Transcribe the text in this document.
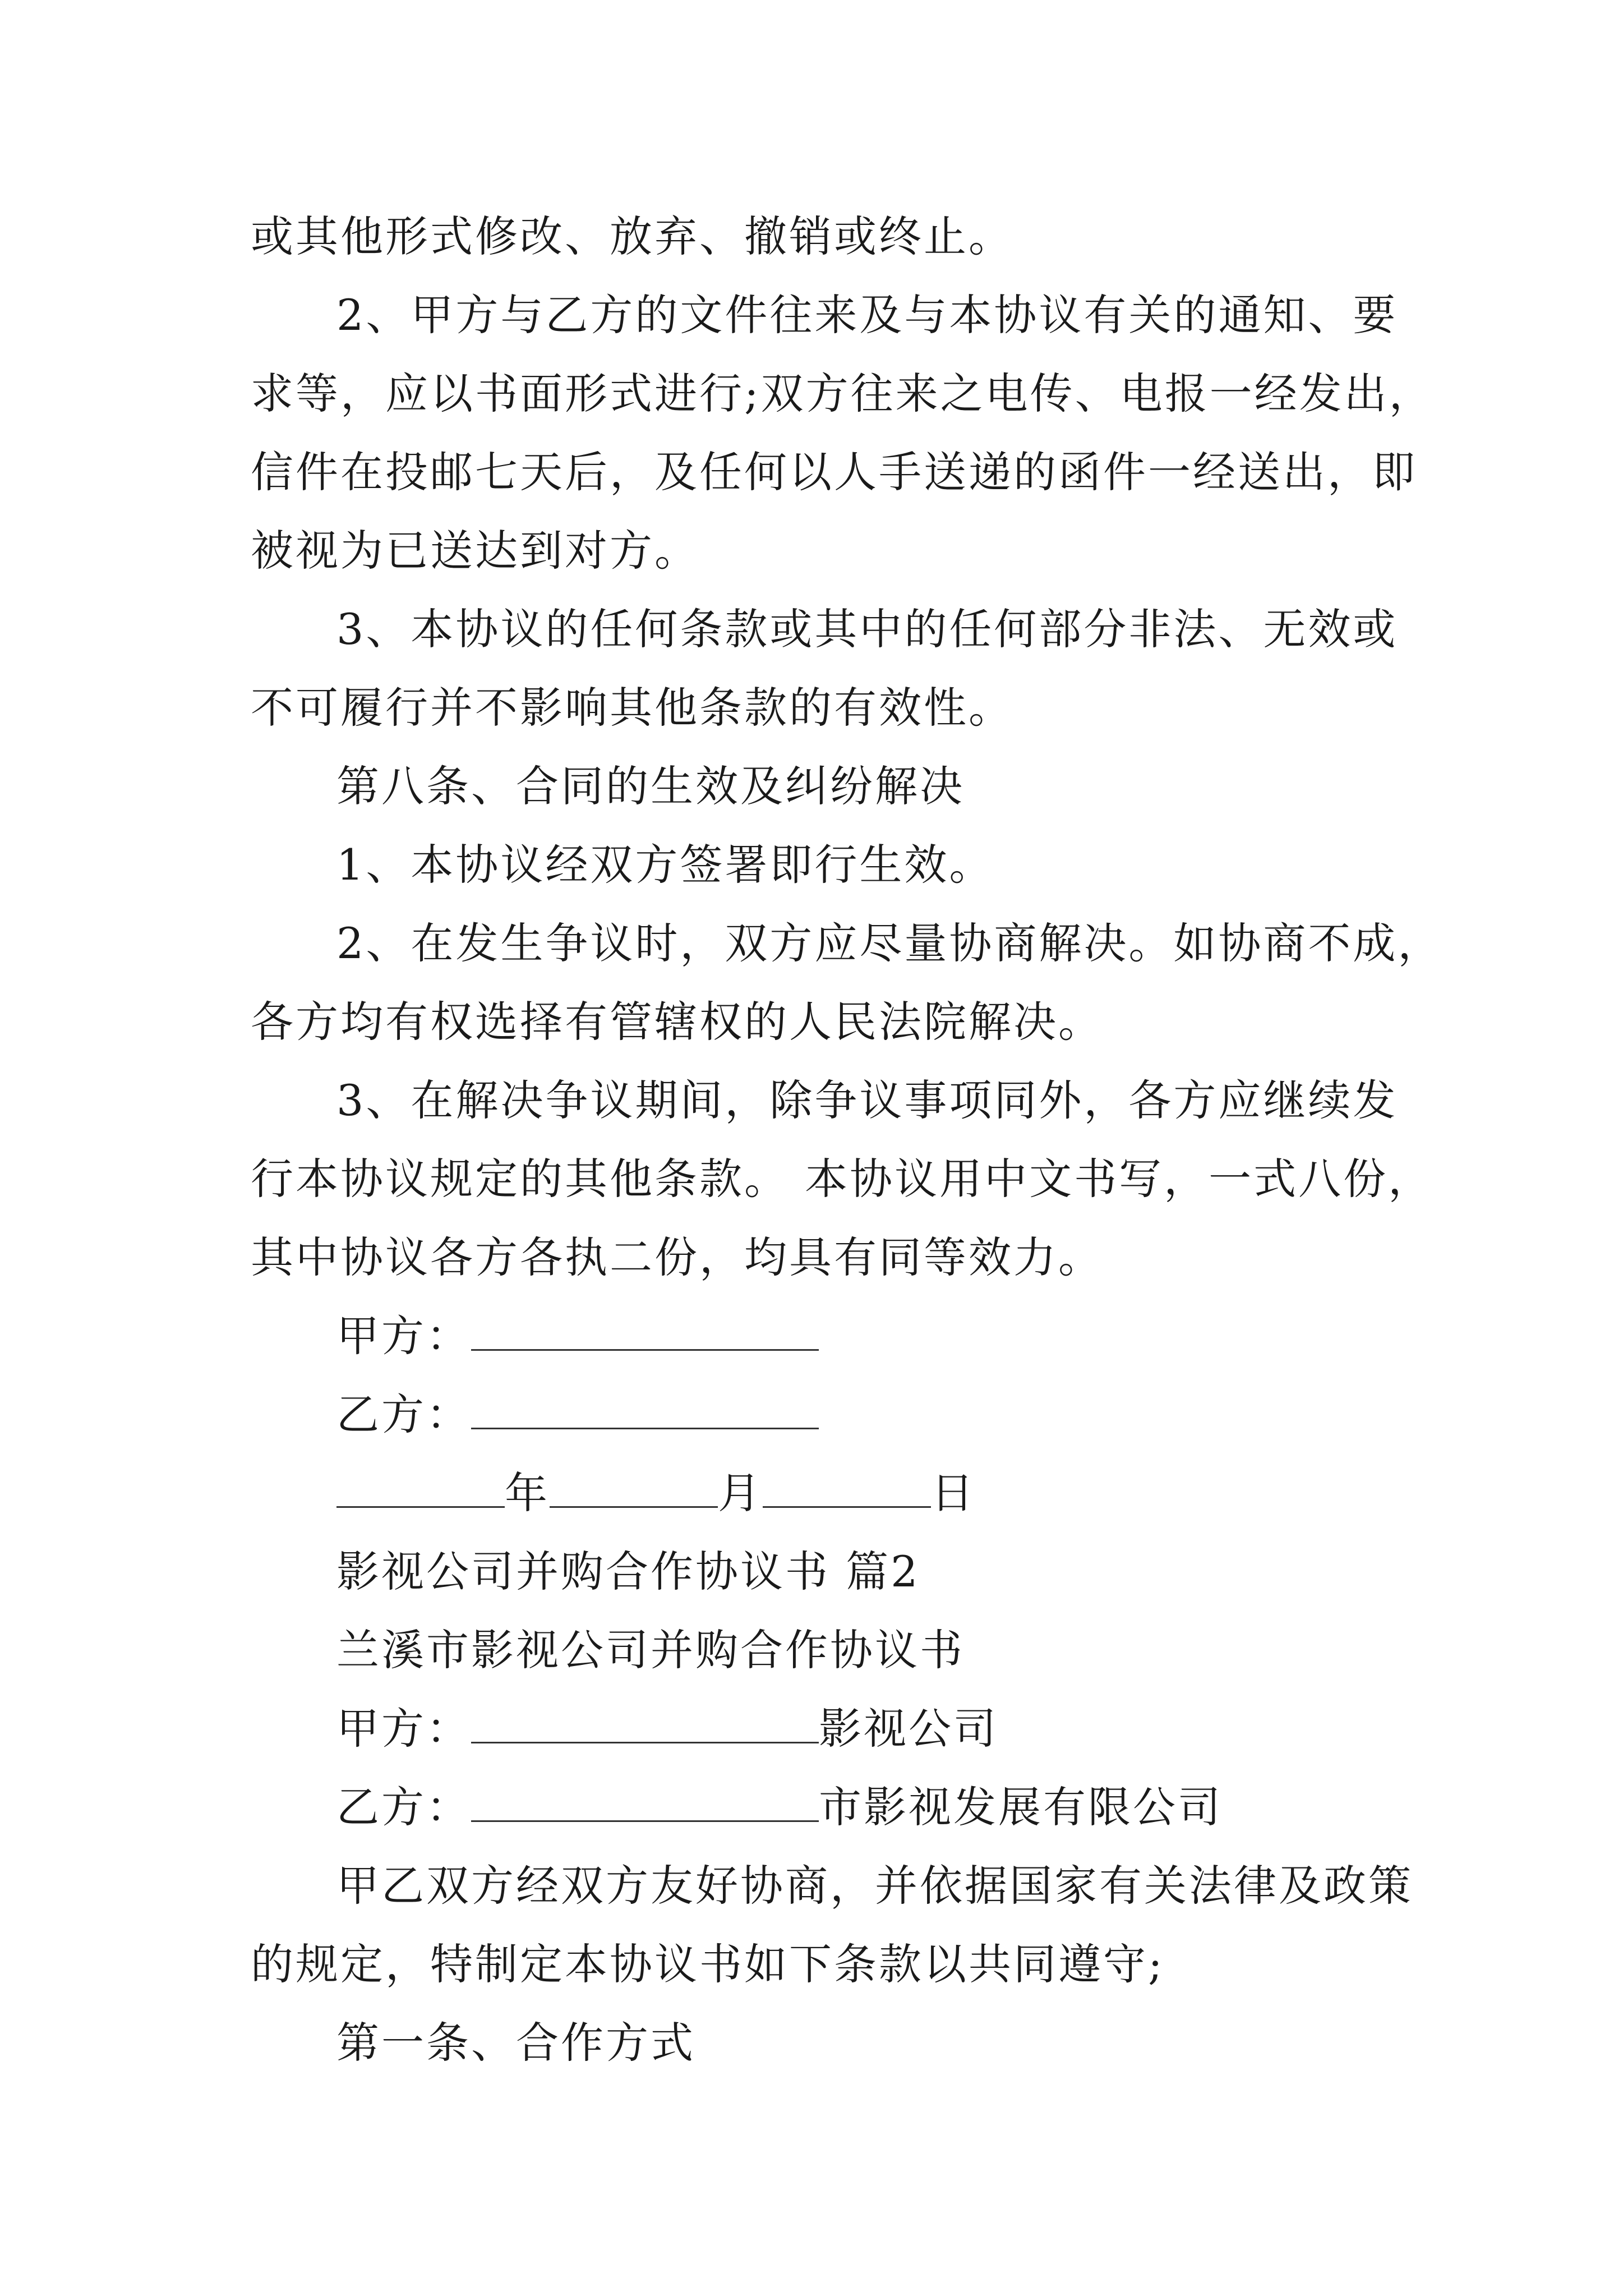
或其他形式修改、放弃、撤销或终止。
2、甲方与乙方的文件往来及与本协议有关的通知、要
求等，应以书面形式进行;双方往来之电传、电报一经发出，
信件在投邮七天后，及任何以人手送递的函件一经送出，即
被视为已送达到对方。
3、本协议的任何条款或其中的任何部分非法、无效或
不可履行并不影响其他条款的有效性。
第八条、合同的生效及纠纷解决
1、本协议经双方签署即行生效。
2、在发生争议时，双方应尽量协商解决。如协商不成，
各方均有权选择有管辖权的人民法院解决。
3、在解决争议期间，除争议事项同外，各方应继续发
行本协议规定的其他条款。 本协议用中文书写，一式八份，
其中协议各方各执二份，均具有同等效力。
甲方：
乙方：
年	月	日
影视公司并购合作协议书 篇2
兰溪市影视公司并购合作协议书
甲方：	影视公司
乙方：	市影视发展有限公司
甲乙双方经双方友好协商，并依据国家有关法律及政策
的规定，特制定本协议书如下条款以共同遵守;
第一条、合作方式
